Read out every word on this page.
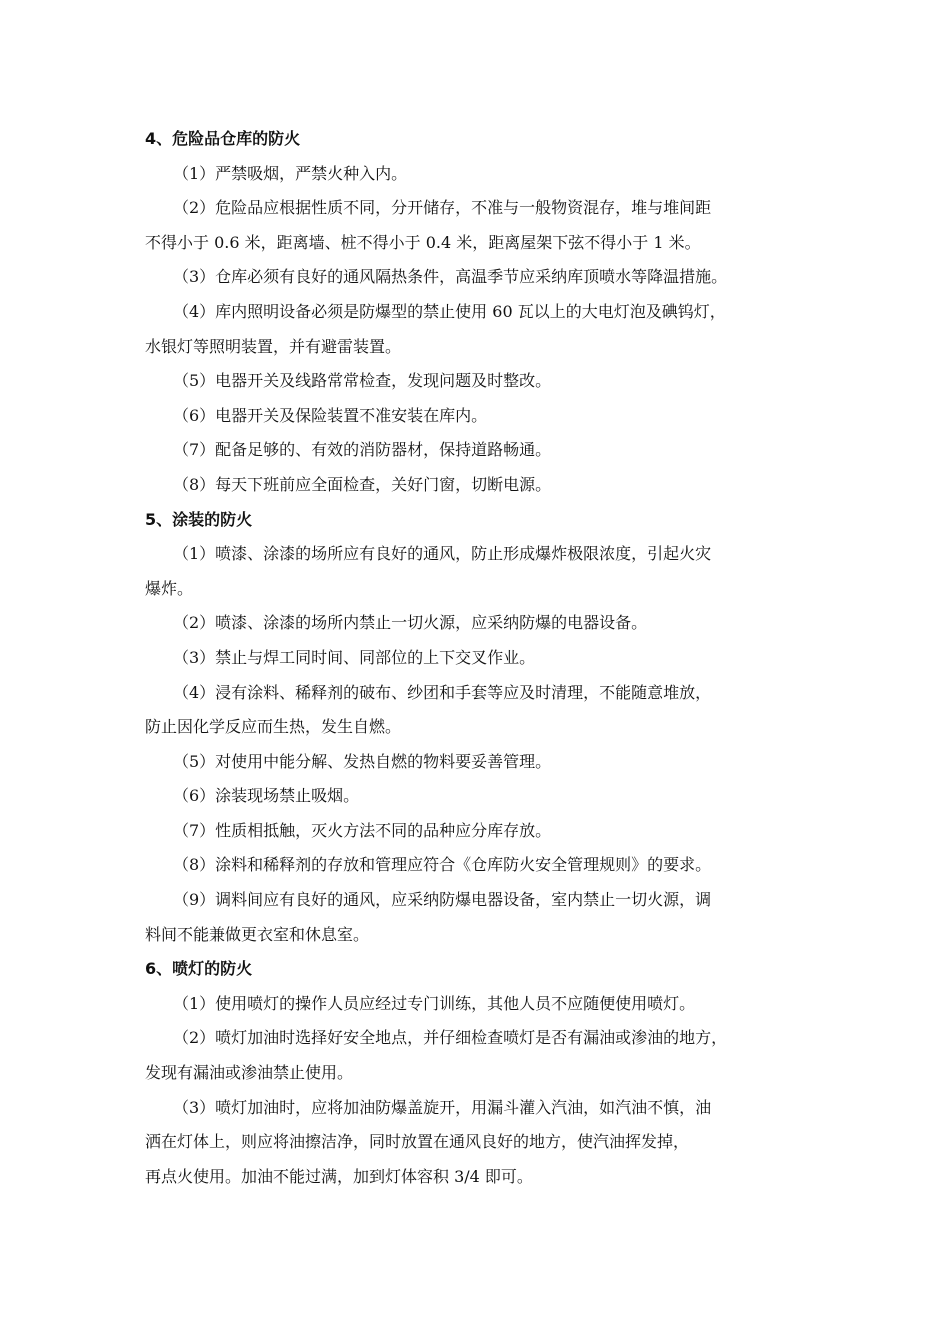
4、危险品仓库的防火
（1）严禁吸烟，严禁火种入内。
（2）危险品应根据性质不同，分开储存，不准与一般物资混存，堆与堆间距
不得小于 0.6 米，距离墙、桩不得小于 0.4 米，距离屋架下弦不得小于 1 米。
（3）仓库必须有良好的通风隔热条件，高温季节应采纳库顶喷水等降温措施。
（4）库内照明设备必须是防爆型的禁止使用 60 瓦以上的大电灯泡及碘钨灯，
水银灯等照明装置，并有避雷装置。
（5）电器开关及线路常常检查，发现问题及时整改。
（6）电器开关及保险装置不准安装在库内。
（7）配备足够的、有效的消防器材，保持道路畅通。
（8）每天下班前应全面检查，关好门窗，切断电源。
5、涂装的防火
（1）喷漆、涂漆的场所应有良好的通风，防止形成爆炸极限浓度，引起火灾
爆炸。
（2）喷漆、涂漆的场所内禁止一切火源，应采纳防爆的电器设备。
（3）禁止与焊工同时间、同部位的上下交叉作业。
（4）浸有涂料、稀释剂的破布、纱团和手套等应及时清理，不能随意堆放，
防止因化学反应而生热，发生自燃。
（5）对使用中能分解、发热自燃的物料要妥善管理。
（6）涂装现场禁止吸烟。
（7）性质相抵触，灭火方法不同的品种应分库存放。
（8）涂料和稀释剂的存放和管理应符合《仓库防火安全管理规则》的要求。
（9）调料间应有良好的通风，应采纳防爆电器设备，室内禁止一切火源，调
料间不能兼做更衣室和休息室。
6、喷灯的防火
（1）使用喷灯的操作人员应经过专门训练，其他人员不应随便使用喷灯。
（2）喷灯加油时选择好安全地点，并仔细检查喷灯是否有漏油或渗油的地方，
发现有漏油或渗油禁止使用。
（3）喷灯加油时，应将加油防爆盖旋开，用漏斗灌入汽油，如汽油不慎，油
洒在灯体上，则应将油擦洁净，同时放置在通风良好的地方，使汽油挥发掉，
再点火使用。加油不能过满，加到灯体容积 3/4 即可。
